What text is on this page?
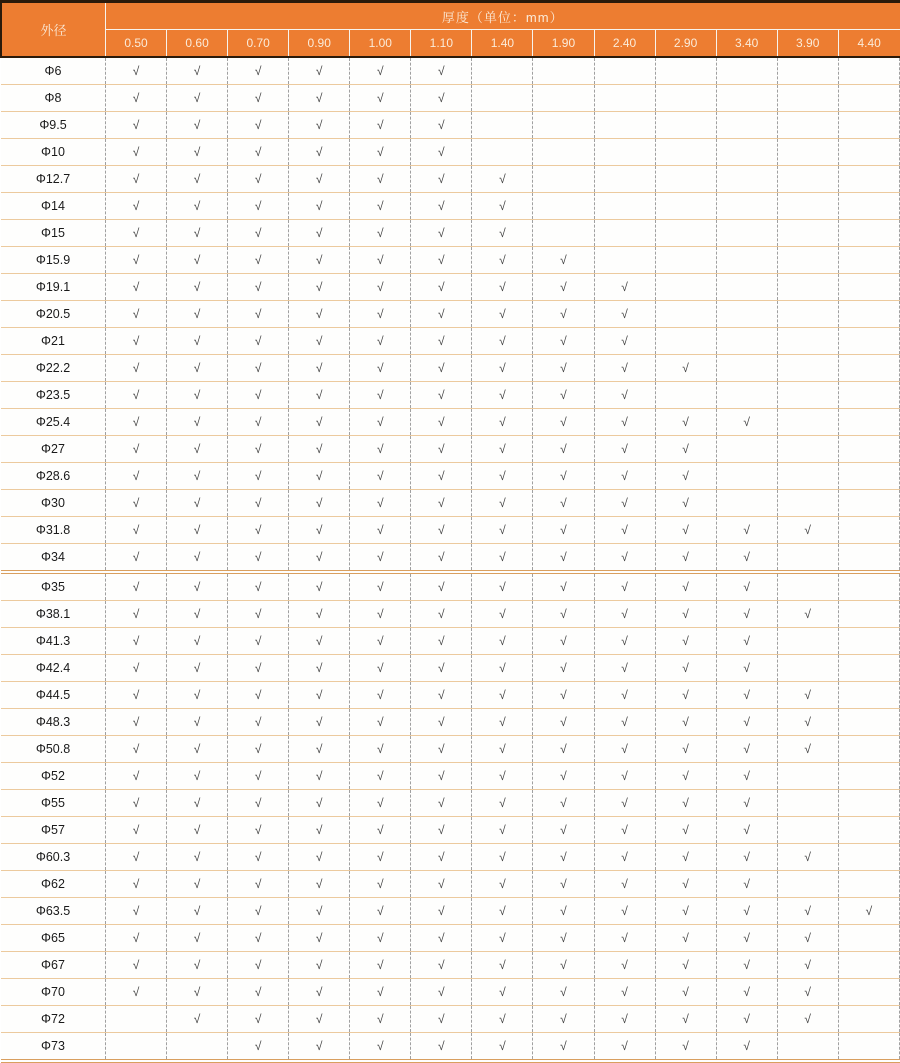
外径	厚度（单位：mm）												
	0.50	0.60	0.70	0.90	1.00	1.10	1.40	1.90	2.40	2.90	3.40	3.90	4.40
Φ6	√	√	√	√	√	√							
Φ8	√	√	√	√	√	√							
Φ9.5	√	√	√	√	√	√							
Φ10	√	√	√	√	√	√							
Φ12.7	√	√	√	√	√	√	√						
Φ14	√	√	√	√	√	√	√						
Φ15	√	√	√	√	√	√	√						
Φ15.9	√	√	√	√	√	√	√	√					
Φ19.1	√	√	√	√	√	√	√	√	√				
Φ20.5	√	√	√	√	√	√	√	√	√				
Φ21	√	√	√	√	√	√	√	√	√				
Φ22.2	√	√	√	√	√	√	√	√	√	√			
Φ23.5	√	√	√	√	√	√	√	√	√				
Φ25.4	√	√	√	√	√	√	√	√	√	√	√		
Φ27	√	√	√	√	√	√	√	√	√	√			
Φ28.6	√	√	√	√	√	√	√	√	√	√			
Φ30	√	√	√	√	√	√	√	√	√	√			
Φ31.8	√	√	√	√	√	√	√	√	√	√	√	√	
Φ34	√	√	√	√	√	√	√	√	√	√	√		
Φ35	√	√	√	√	√	√	√	√	√	√	√		
Φ38.1	√	√	√	√	√	√	√	√	√	√	√	√	
Φ41.3	√	√	√	√	√	√	√	√	√	√	√		
Φ42.4	√	√	√	√	√	√	√	√	√	√	√		
Φ44.5	√	√	√	√	√	√	√	√	√	√	√	√	
Φ48.3	√	√	√	√	√	√	√	√	√	√	√	√	
Φ50.8	√	√	√	√	√	√	√	√	√	√	√	√	
Φ52	√	√	√	√	√	√	√	√	√	√	√		
Φ55	√	√	√	√	√	√	√	√	√	√	√		
Φ57	√	√	√	√	√	√	√	√	√	√	√		
Φ60.3	√	√	√	√	√	√	√	√	√	√	√	√	
Φ62	√	√	√	√	√	√	√	√	√	√	√		
Φ63.5	√	√	√	√	√	√	√	√	√	√	√	√	√
Φ65	√	√	√	√	√	√	√	√	√	√	√	√	
Φ67	√	√	√	√	√	√	√	√	√	√	√	√	
Φ70	√	√	√	√	√	√	√	√	√	√	√	√	
Φ72		√	√	√	√	√	√	√	√	√	√	√	
Φ73			√	√	√	√	√	√	√	√	√		
